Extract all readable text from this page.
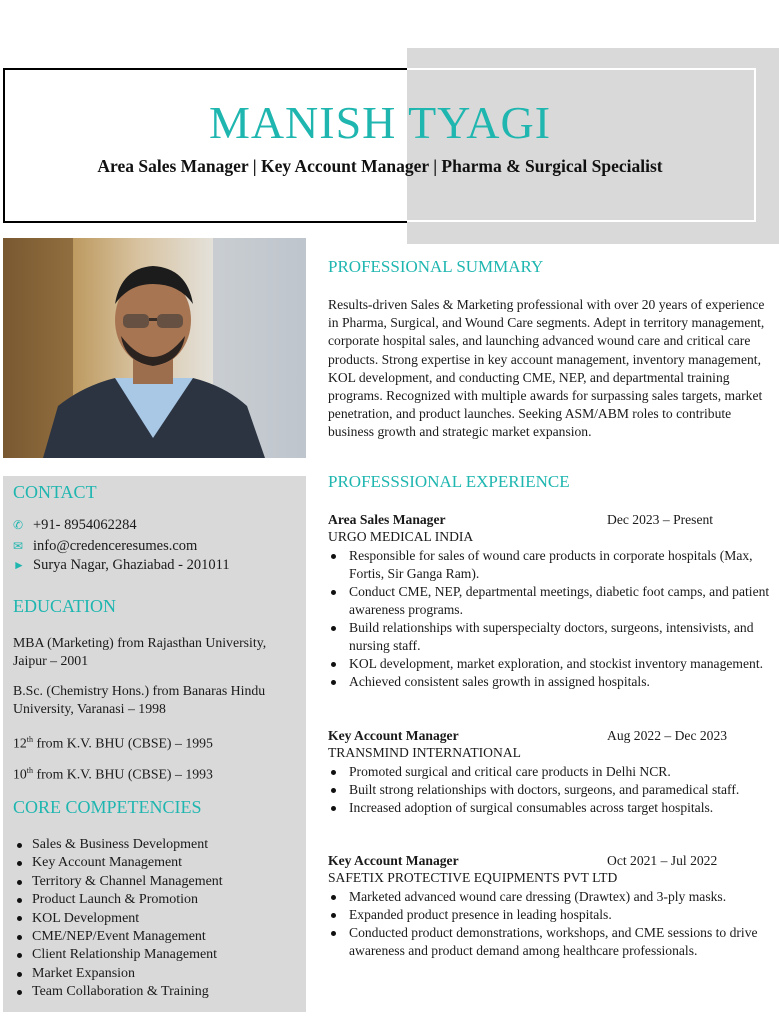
MANISH TYAGI
Area Sales Manager | Key Account Manager | Pharma & Surgical Specialist
CONTACT
✆ +91- 8954062284
✉ info@credenceresumes.com
► Surya Nagar, Ghaziabad - 201011
EDUCATION
MBA (Marketing) from Rajasthan University, Jaipur – 2001
B.Sc. (Chemistry Hons.) from Banaras Hindu University, Varanasi – 1998
12th from K.V. BHU (CBSE) – 1995
10th from K.V. BHU (CBSE) – 1993
CORE COMPETENCIES
Sales & Business Development
Key Account Management
Territory & Channel Management
Product Launch & Promotion
KOL Development
CME/NEP/Event Management
Client Relationship Management
Market Expansion
Team Collaboration & Training
PROFESSIONAL SUMMARY
Results-driven Sales & Marketing professional with over 20 years of experience in Pharma, Surgical, and Wound Care segments. Adept in territory management, corporate hospital sales, and launching advanced wound care and critical care products. Strong expertise in key account management, inventory management, KOL development, and conducting CME, NEP, and departmental training programs. Recognized with multiple awards for surpassing sales targets, market penetration, and product launches. Seeking ASM/ABM roles to contribute business growth and strategic market expansion.
PROFESSSIONAL EXPERIENCE
Area Sales Manager	Dec 2023 – Present
URGO MEDICAL INDIA
Responsible for sales of wound care products in corporate hospitals (Max, Fortis, Sir Ganga Ram).
Conduct CME, NEP, departmental meetings, diabetic foot camps, and patient awareness programs.
Build relationships with superspecialty doctors, surgeons, intensivists, and nursing staff.
KOL development, market exploration, and stockist inventory management.
Achieved consistent sales growth in assigned hospitals.
Key Account Manager	Aug 2022 – Dec 2023
TRANSMIND INTERNATIONAL
Promoted surgical and critical care products in Delhi NCR.
Built strong relationships with doctors, surgeons, and paramedical staff.
Increased adoption of surgical consumables across target hospitals.
Key Account Manager	Oct 2021 – Jul 2022
SAFETIX PROTECTIVE EQUIPMENTS PVT LTD
Marketed advanced wound care dressing (Drawtex) and 3-ply masks.
Expanded product presence in leading hospitals.
Conducted product demonstrations, workshops, and CME sessions to drive awareness and product demand among healthcare professionals.
